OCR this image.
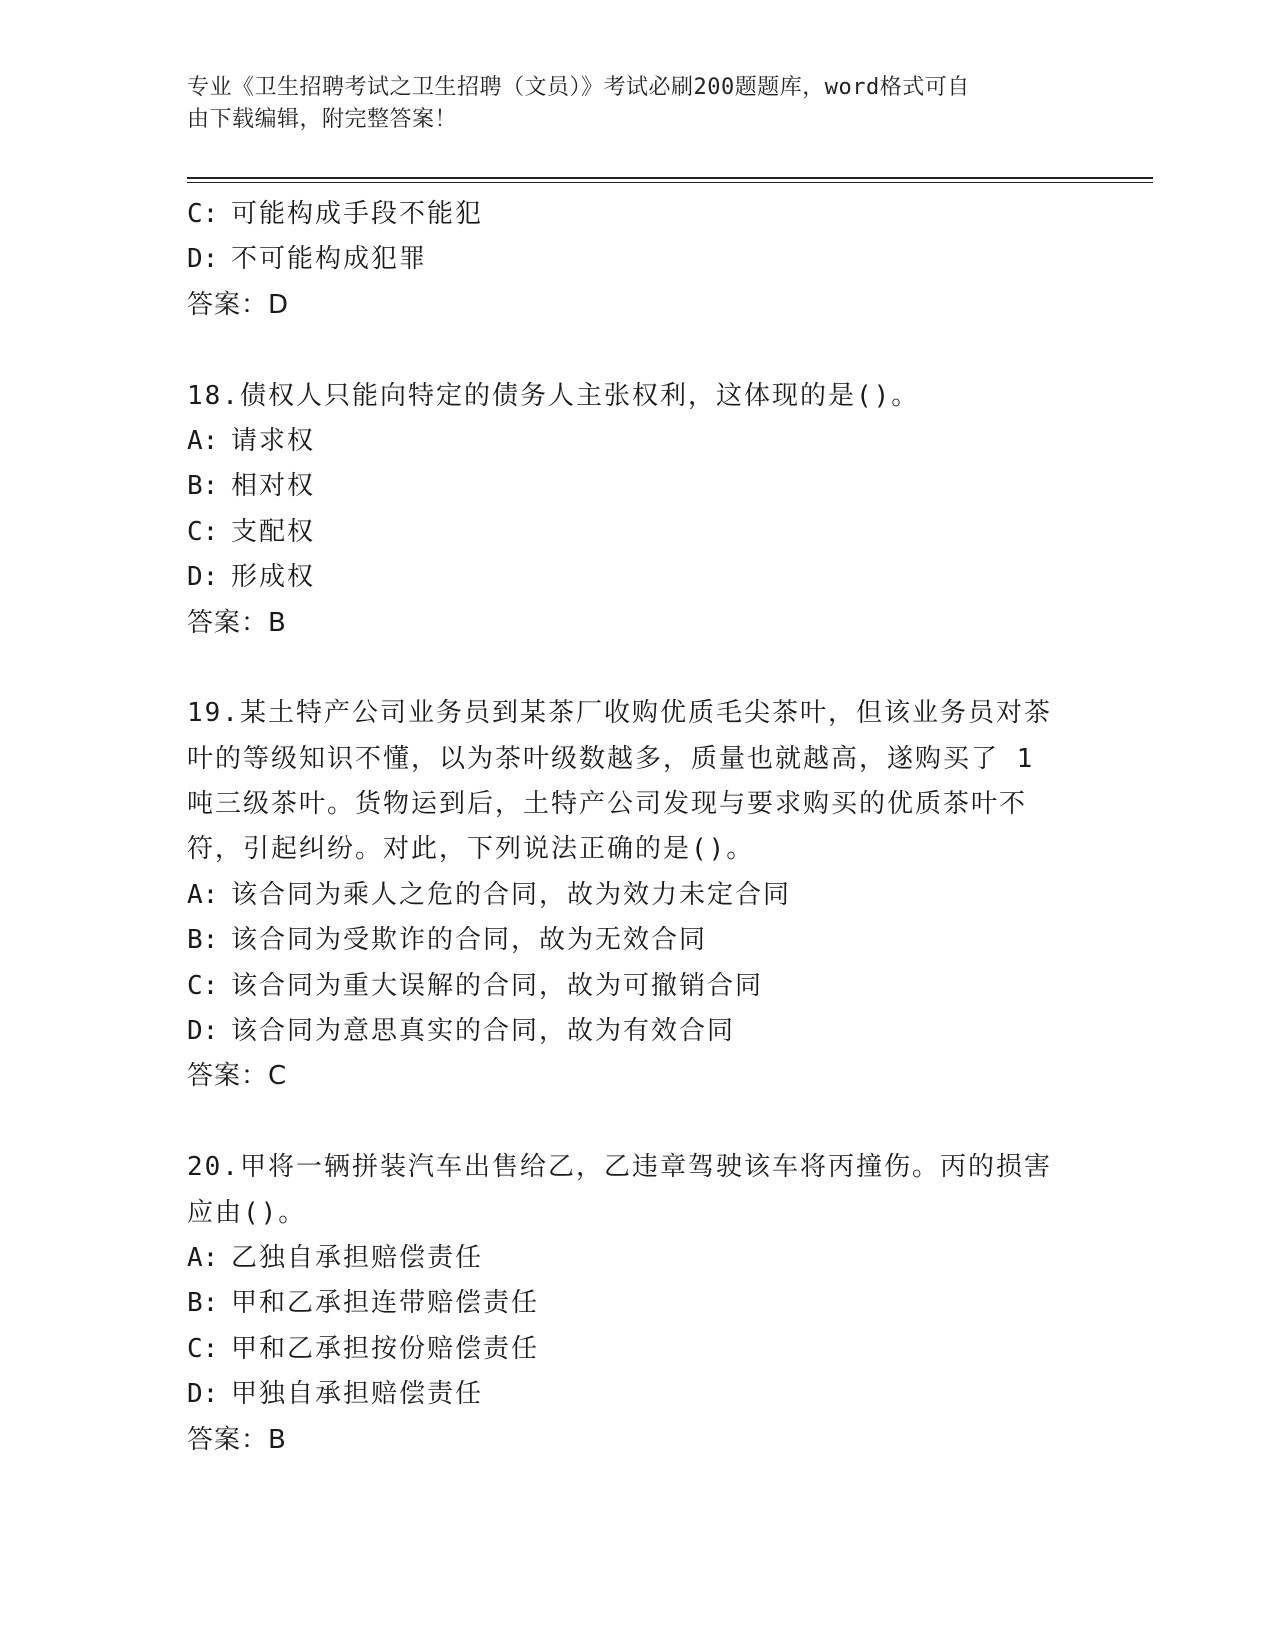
专业《卫生招聘考试之卫生招聘（文员）》考试必刷200题题库，word格式可自
由下载编辑，附完整答案！
C: 可能构成手段不能犯
D: 不可能构成犯罪
答案：D
18.债权人只能向特定的债务人主张权利，这体现的是()。
A: 请求权
B: 相对权
C: 支配权
D: 形成权
答案：B
19.某土特产公司业务员到某茶厂收购优质毛尖茶叶，但该业务员对茶
叶的等级知识不懂，以为茶叶级数越多，质量也就越高，遂购买了 1
吨三级茶叶。货物运到后，土特产公司发现与要求购买的优质茶叶不
符，引起纠纷。对此，下列说法正确的是()。
A: 该合同为乘人之危的合同，故为效力未定合同
B: 该合同为受欺诈的合同，故为无效合同
C: 该合同为重大误解的合同，故为可撤销合同
D: 该合同为意思真实的合同，故为有效合同
答案：C
20.甲将一辆拼装汽车出售给乙，乙违章驾驶该车将丙撞伤。丙的损害
应由()。
A: 乙独自承担赔偿责任
B: 甲和乙承担连带赔偿责任
C: 甲和乙承担按份赔偿责任
D: 甲独自承担赔偿责任
答案：B
